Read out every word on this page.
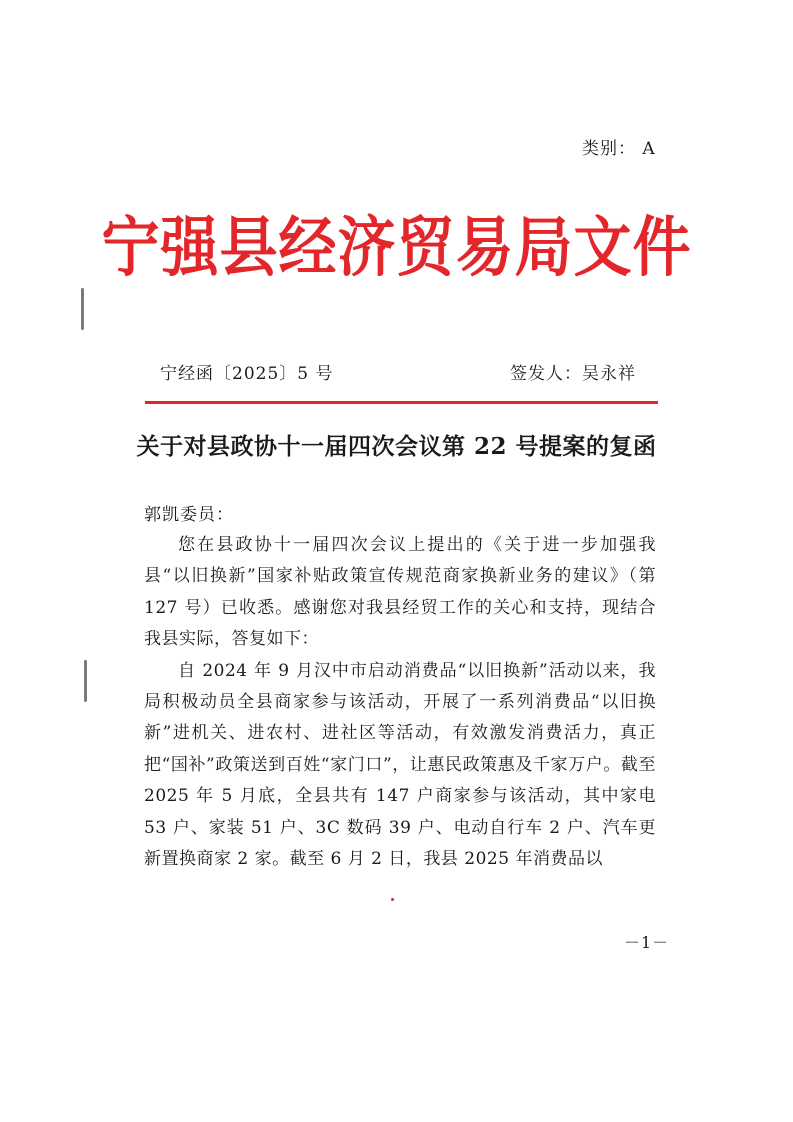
类别： A
宁强县经济贸易局文件
宁经函〔2025〕5 号	签发人：吴永祥
关于对县政协十一届四次会议第 22 号提案的复函
郭凯委员：

您在县政协十一届四次会议上提出的《关于进一步加强我县“以旧换新”国家补贴政策宣传规范商家换新业务的建议》（第 127 号）已收悉。感谢您对我县经贸工作的关心和支持，现结合我县实际，答复如下：

自 2024 年 9 月汉中市启动消费品“以旧换新”活动以来，我局积极动员全县商家参与该活动，开展了一系列消费品“以旧换新”进机关、进农村、进社区等活动，有效激发消费活力，真正把“国补”政策送到百姓“家门口”，让惠民政策惠及千家万户。截至 2025 年 5 月底，全县共有 147 户商家参与该活动，其中家电 53 户、家装 51 户、3C 数码 39 户、电动自行车 2 户、汽车更新置换商家 2 家。截至 6 月 2 日，我县 2025 年消费品以

－1－
